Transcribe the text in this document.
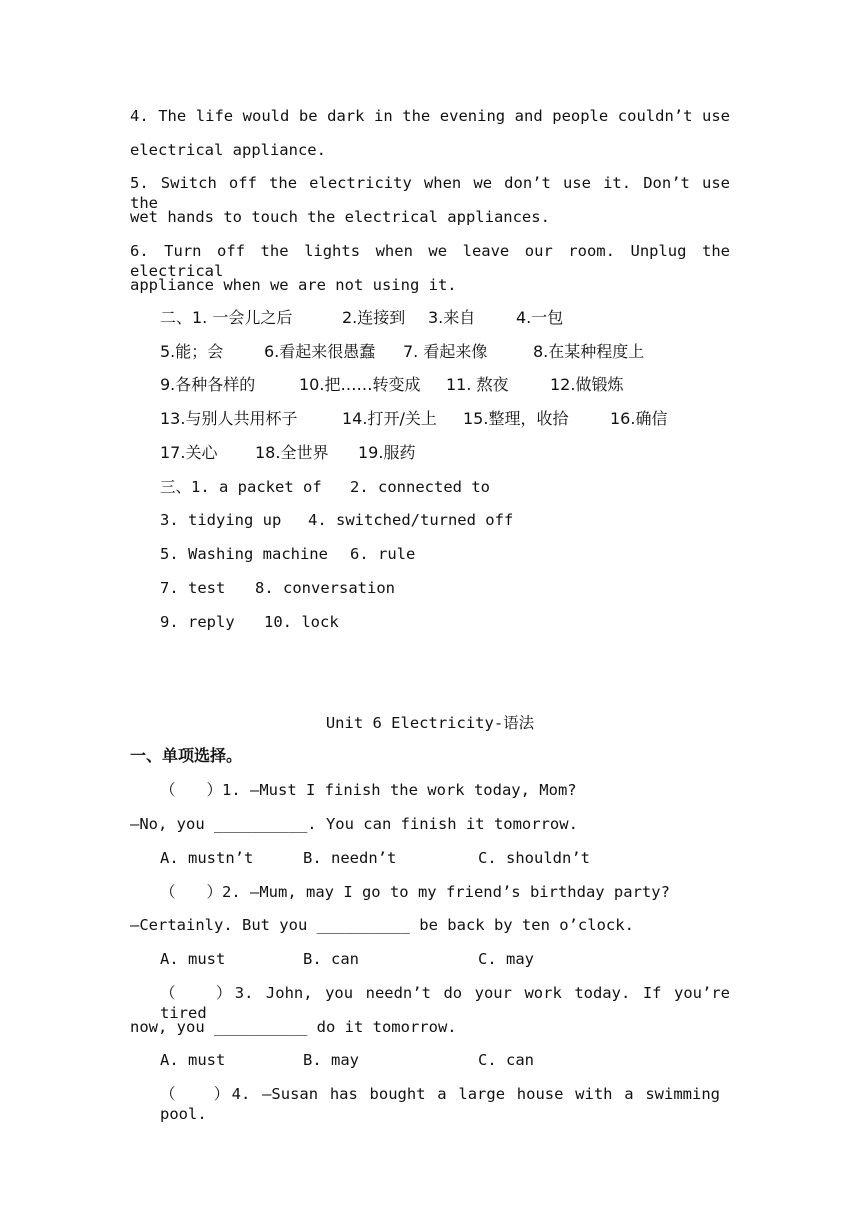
4. The life would be dark in the evening and people couldn’t use
electrical appliance.
5. Switch off the electricity when we don’t use it. Don’t use the
wet hands to touch the electrical appliances.
6. Turn off the lights when we leave our room. Unplug the electrical
appliance when we are not using it.
二、1. 一会儿之后	2.连接到 3.来自	4.一包
5.能；会	6.看起来很愚蠢 7. 看起来像	8.在某种程度上
9.各种各样的	10.把……转变成 11. 熬夜	12.做锻炼
13.与别人共用杯子	14.打开/关上 15.整理，收拾	16.确信
17.关心 18.全世界 19.服药
三、1. a packet of 2. connected to
3. tidying up 4. switched/turned off
5. Washing machine 6. rule
7. test 8. conversation
9. reply 10. lock
Unit 6 Electricity-语法
一、单项选择。
（　　）1. —Must I finish the work today, Mom?
—No, you __________. You can finish it tomorrow.
A. mustn’t	B. needn’t	C. shouldn’t
（　　）2. —Mum, may I go to my friend’s birthday party?
—Certainly. But you __________ be back by ten o’clock.
A. must	B. can	C. may
（　　）3. John, you needn’t do your work today. If you’re tired
now, you __________ do it tomorrow.
A. must	B. may	C. can
（　　）4. —Susan has bought a large house with a swimming pool.
